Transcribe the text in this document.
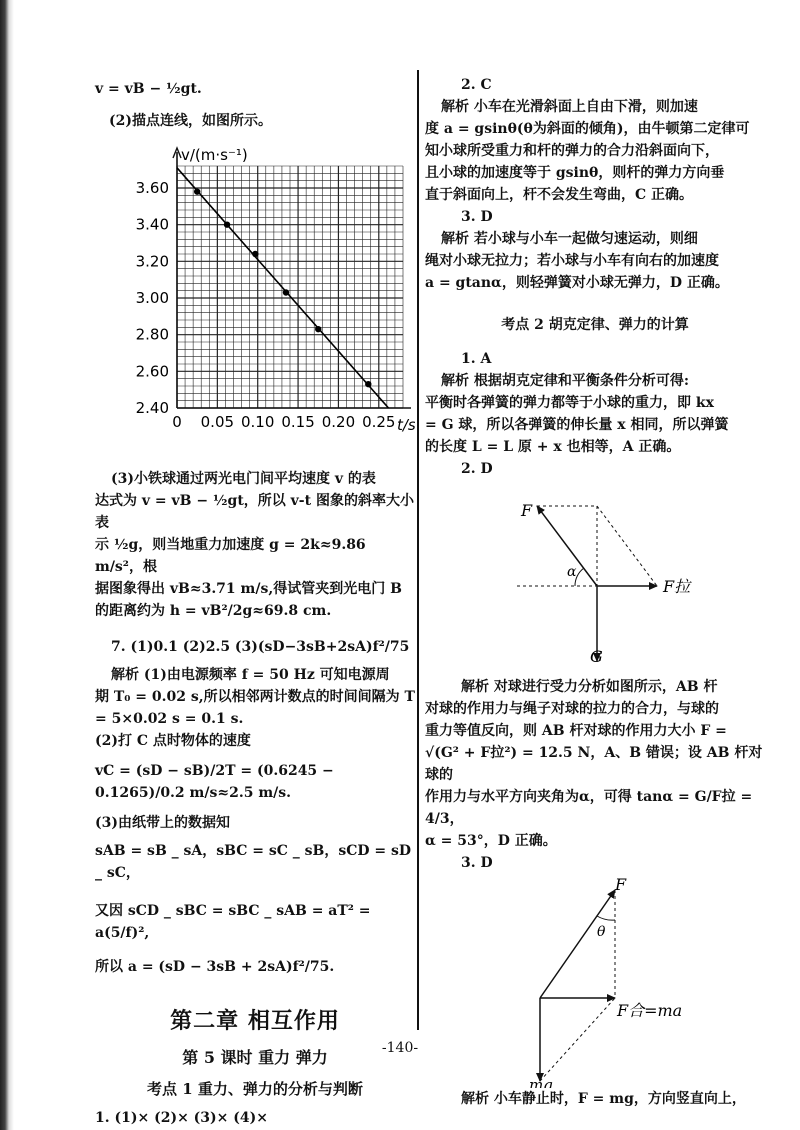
v = vB − ½gt.
(2)描点连线，如图所示。
3.60
3.40
3.20
3.00
2.80
2.60
2.40
0 0.05 0.10 0.15 0.20 0.25
v/(m·s⁻¹)
t/s
(3)小铁球通过两光电门间平均速度 v 的表
达式为 v = vB − ½gt，所以 v-t 图象的斜率大小表
示 ½g，则当地重力加速度 g = 2k≈9.86 m/s²，根
据图象得出 vB≈3.71 m/s,得试管夹到光电门 B
的距离约为 h = vB²/2g≈69.8 cm.
7. (1)0.1 (2)2.5 (3)(sD−3sB+2sA)f²/75
解析 (1)由电源频率 f = 50 Hz 可知电源周
期 T₀ = 0.02 s,所以相邻两计数点的时间间隔为 T
= 5×0.02 s = 0.1 s.
(2)打 C 点时物体的速度
vC = (sD − sB)/2T = (0.6245 − 0.1265)/0.2 m/s≈2.5 m/s.
(3)由纸带上的数据知
sAB = sB _ sA，sBC = sC _ sB，sCD = sD _ sC，
又因 sCD _ sBC = sBC _ sAB = aT² = a(5/f)²,
所以 a = (sD − 3sB + 2sA)f²/75.
第二章 相互作用
第 5 课时 重力 弹力
考点 1 重力、弹力的分析与判断
1. (1)× (2)× (3)× (4)×
2. C
解析 小车在光滑斜面上自由下滑，则加速
度 a = gsinθ(θ为斜面的倾角)，由牛顿第二定律可
知小球所受重力和杆的弹力的合力沿斜面向下，
且小球的加速度等于 gsinθ，则杆的弹力方向垂
直于斜面向上，杆不会发生弯曲，C 正确。
3. D
解析 若小球与小车一起做匀速运动，则细
绳对小球无拉力；若小球与小车有向右的加速度
a = gtanα，则轻弹簧对小球无弹力，D 正确。
考点 2 胡克定律、弹力的计算
1. A
解析 根据胡克定律和平衡条件分析可得:
平衡时各弹簧的弹力都等于小球的重力，即 kx
= G 球，所以各弹簧的伸长量 x 相同，所以弹簧
的长度 L = L 原 + x 也相等，A 正确。
2. D
F
α
F拉
G
解析 对球进行受力分析如图所示，AB 杆
对球的作用力与绳子对球的拉力的合力，与球的
重力等值反向，则 AB 杆对球的作用力大小 F =
√(G² + F拉²) = 12.5 N，A、B 错误；设 AB 杆对球的
作用力与水平方向夹角为α，可得 tanα = G/F拉 = 4/3，
α = 53°，D 正确。
3. D
F
θ
F合=ma
mg
解析 小车静止时，F = mg，方向竖直向上，
-140-
